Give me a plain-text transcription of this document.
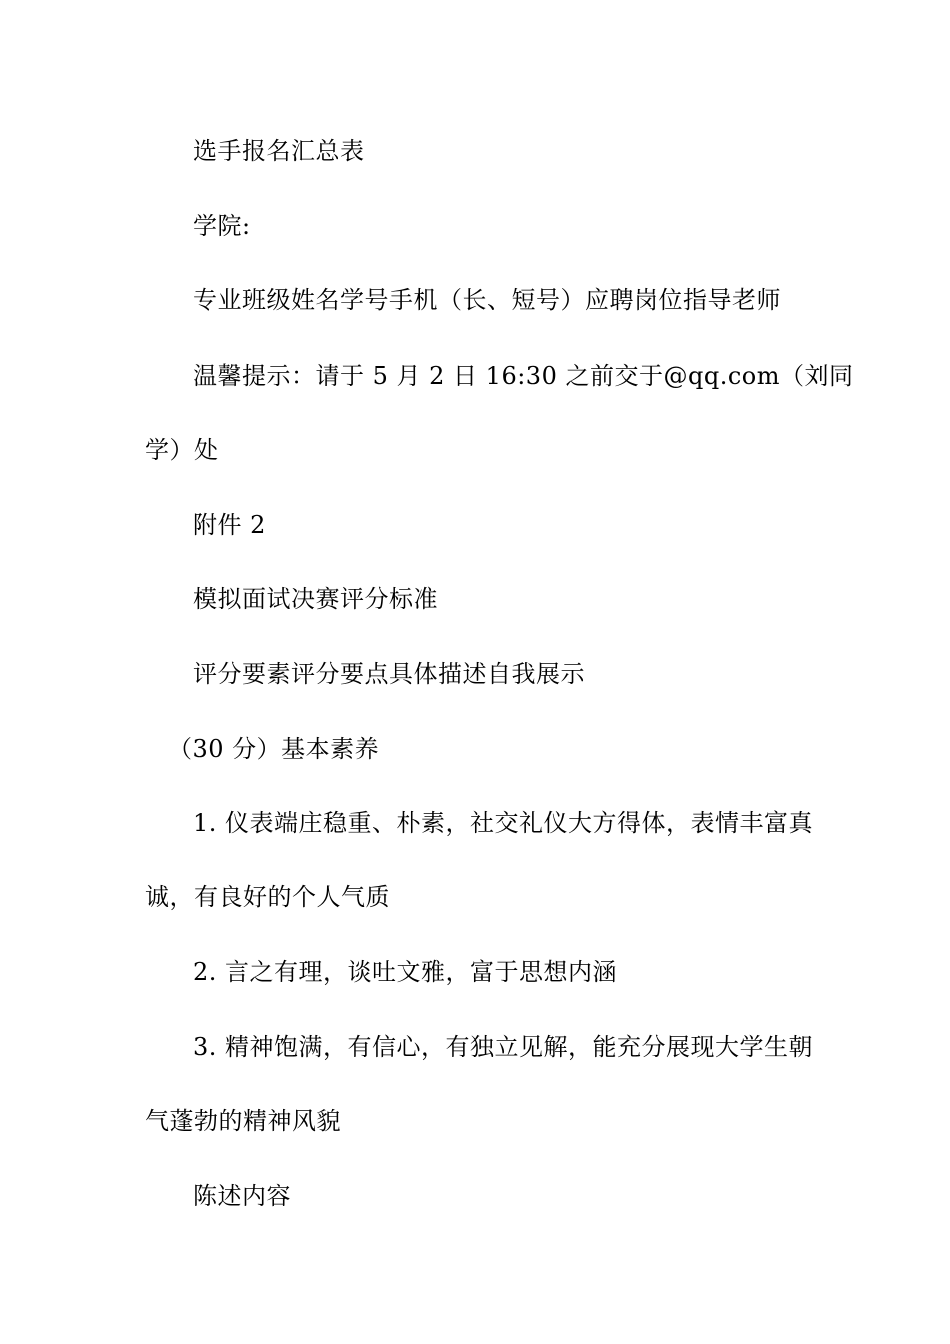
选手报名汇总表
学院:
专业班级姓名学号手机（长、短号）应聘岗位指导老师
温馨提示：请于 5 月 2 日 16:30 之前交于@qq.com（刘同
学）处
附件 2
模拟面试决赛评分标准
评分要素评分要点具体描述自我展示
（30 分）基本素养
1. 仪表端庄稳重、朴素，社交礼仪大方得体，表情丰富真
诚，有良好的个人气质
2. 言之有理，谈吐文雅，富于思想内涵
3. 精神饱满，有信心，有独立见解，能充分展现大学生朝
气蓬勃的精神风貌
陈述内容
